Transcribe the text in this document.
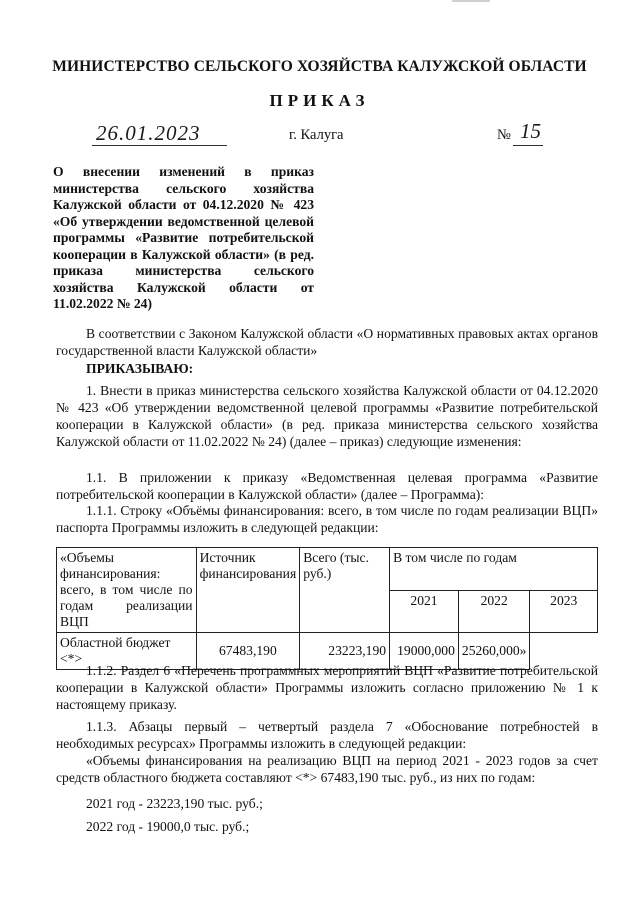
МИНИСТЕРСТВО СЕЛЬСКОГО ХОЗЯЙСТВА КАЛУЖСКОЙ ОБЛАСТИ
ПРИКАЗ
26.01.2023	г. Калуга	№ 15
О внесении изменений в приказ министерства сельского хозяйства Калужской области от 04.12.2020 № 423 «Об утверждении ведомственной целевой программы «Развитие потребительской кооперации в Калужской области» (в ред. приказа министерства сельского хозяйства Калужской области от 11.02.2022 № 24)
В соответствии с Законом Калужской области «О нормативных правовых актах органов государственной власти Калужской области»
ПРИКАЗЫВАЮ:
1. Внести в приказ министерства сельского хозяйства Калужской области от 04.12.2020 № 423 «Об утверждении ведомственной целевой программы «Развитие потребительской кооперации в Калужской области» (в ред. приказа министерства сельского хозяйства Калужской области от 11.02.2022 № 24) (далее – приказ) следующие изменения:
1.1. В приложении к приказу «Ведомственная целевая программа «Развитие потребительской кооперации в Калужской области» (далее – Программа):
1.1.1. Строку «Объёмы финансирования: всего, в том числе по годам реализации ВЦП» паспорта Программы изложить в следующей редакции:
«Объемы финансирования: всего, в том числе по годам реализации ВЦП	Источник финансирования	Всего (тыс. руб.)	В том числе по годам		
			2021	2022	2023
Областной бюджет <*>	67483,190	23223,190	19000,000	25260,000»	
1.1.2. Раздел 6 «Перечень программных мероприятий ВЦП «Развитие потребительской кооперации в Калужской области» Программы изложить согласно приложению № 1 к настоящему приказу.
1.1.3. Абзацы первый – четвертый раздела 7 «Обоснование потребностей в необходимых ресурсах» Программы изложить в следующей редакции:
«Объемы финансирования на реализацию ВЦП на период 2021 - 2023 годов за счет средств областного бюджета составляют <*> 67483,190 тыс. руб., из них по годам:
2021 год - 23223,190 тыс. руб.;
2022 год - 19000,0 тыс. руб.;
